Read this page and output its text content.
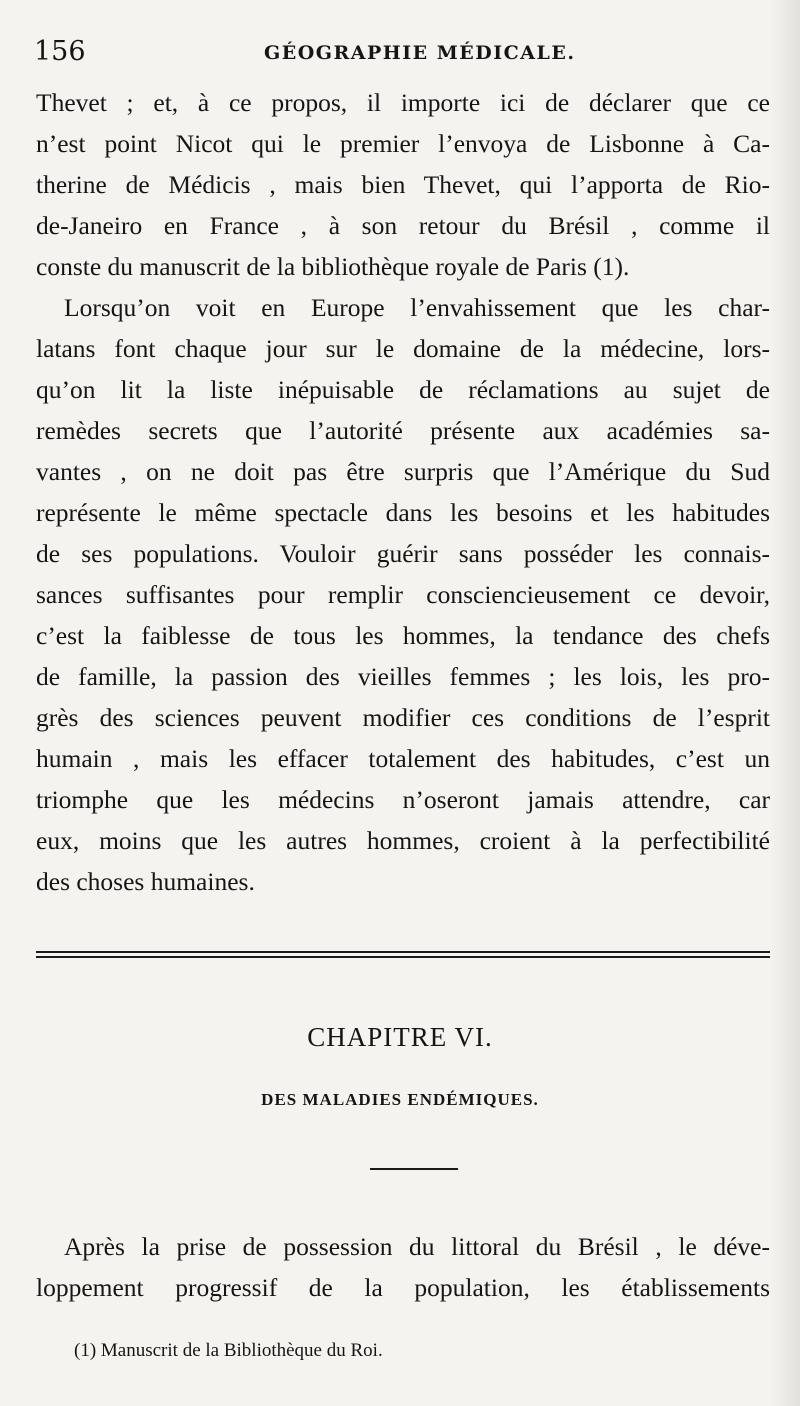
156	GÉOGRAPHIE MÉDICALE.
Thevet ; et, à ce propos, il importe ici de déclarer que ce
n’est point Nicot qui le premier l’envoya de Lisbonne à Ca-
therine de Médicis , mais bien Thevet, qui l’apporta de Rio-
de-Janeiro en France , à son retour du Brésil , comme il
conste du manuscrit de la bibliothèque royale de Paris (1).
Lorsqu’on voit en Europe l’envahissement que les char-
latans font chaque jour sur le domaine de la médecine, lors-
qu’on lit la liste inépuisable de réclamations au sujet de
remèdes secrets que l’autorité présente aux académies sa-
vantes , on ne doit pas être surpris que l’Amérique du Sud
représente le même spectacle dans les besoins et les habitudes
de ses populations. Vouloir guérir sans posséder les connais-
sances suffisantes pour remplir consciencieusement ce devoir,
c’est la faiblesse de tous les hommes, la tendance des chefs
de famille, la passion des vieilles femmes ; les lois, les pro-
grès des sciences peuvent modifier ces conditions de l’esprit
humain , mais les effacer totalement des habitudes, c’est un
triomphe que les médecins n’oseront jamais attendre, car
eux, moins que les autres hommes, croient à la perfectibilité
des choses humaines.
CHAPITRE VI.
DES MALADIES ENDÉMIQUES.
Après la prise de possession du littoral du Brésil , le déve-
loppement progressif de la population, les établissements
(1) Manuscrit de la Bibliothèque du Roi.
